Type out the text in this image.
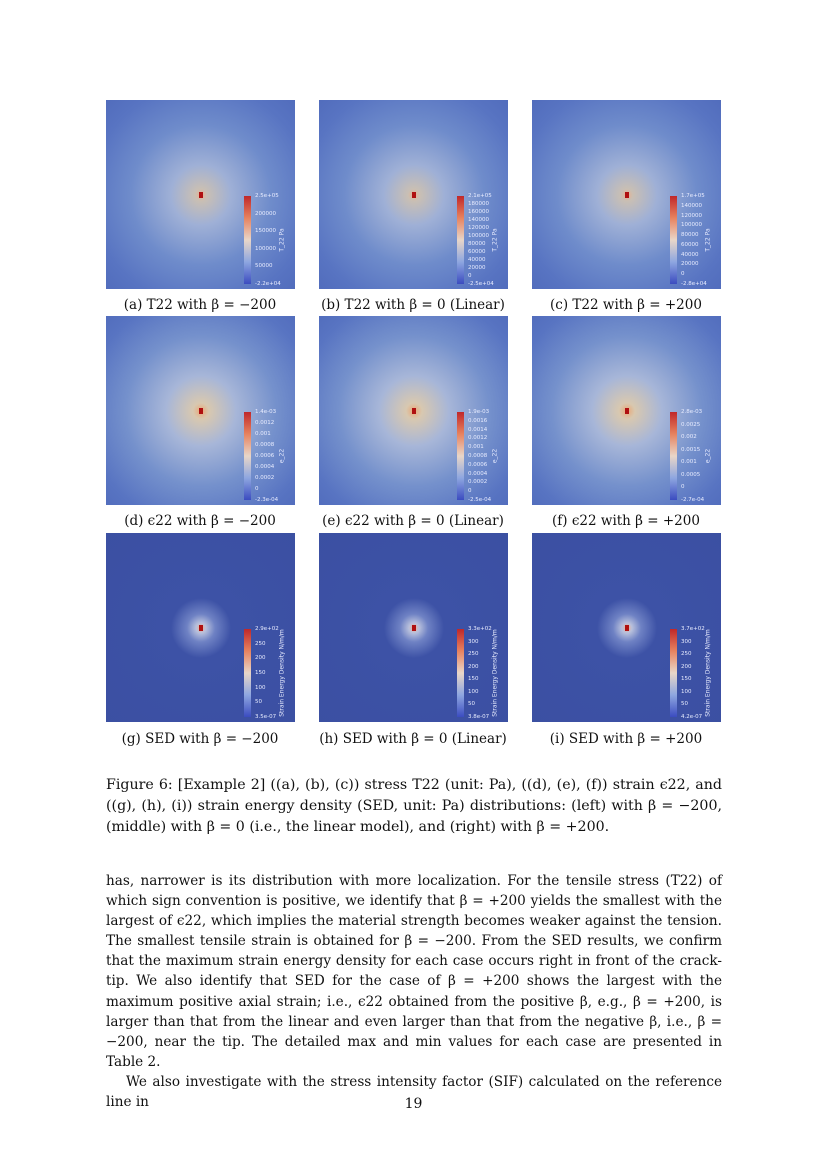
2.5e+05
200000
150000
100000
50000
-2.2e+04
T_22 Pa
(a) T22 with β = −200
2.1e+05
180000
160000
140000
120000
100000
80000
60000
40000
20000
0
-2.5e+04
T_22 Pa
(b) T22 with β = 0 (Linear)
1.7e+05
140000
120000
100000
80000
60000
40000
20000
0
-2.8e+04
T_22 Pa
(c) T22 with β = +200
1.4e-03
0.0012
0.001
0.0008
0.0006
0.0004
0.0002
0
-2.3e-04
e_22
(d) ϵ22 with β = −200
1.9e-03
0.0016
0.0014
0.0012
0.001
0.0008
0.0006
0.0004
0.0002
0
-2.5e-04
e_22
(e) ϵ22 with β = 0 (Linear)
2.8e-03
0.0025
0.002
0.0015
0.001
0.0005
0
-2.7e-04
e_22
(f) ϵ22 with β = +200
2.9e+02
250
200
150
100
50
3.5e-07
Strain Energy Density N/m/m
(g) SED with β = −200
3.3e+02
300
250
200
150
100
50
3.8e-07
Strain Energy Density N/m/m
(h) SED with β = 0 (Linear)
3.7e+02
300
250
200
150
100
50
4.2e-07
Strain Energy Density N/m/m
(i) SED with β = +200
Figure 6: [Example 2] ((a), (b), (c)) stress T22 (unit: Pa), ((d), (e), (f)) strain ϵ22, and ((g), (h), (i)) strain energy density (SED, unit: Pa) distributions: (left) with β = −200, (middle) with β = 0 (i.e., the linear model), and (right) with β = +200.

has, narrower is its distribution with more localization. For the tensile stress (T22) of which sign convention is positive, we identify that β = +200 yields the smallest with the largest of ϵ22, which implies the material strength becomes weaker against the tension. The smallest tensile strain is obtained for β = −200. From the SED results, we confirm that the maximum strain energy density for each case occurs right in front of the crack-tip. We also identify that SED for the case of β = +200 shows the largest with the maximum positive axial strain; i.e., ϵ22 obtained from the positive β, e.g., β = +200, is larger than that from the linear and even larger than that from the negative β, i.e., β = −200, near the tip. The detailed max and min values for each case are presented in Table 2.

We also investigate with the stress intensity factor (SIF) calculated on the reference line in	19
